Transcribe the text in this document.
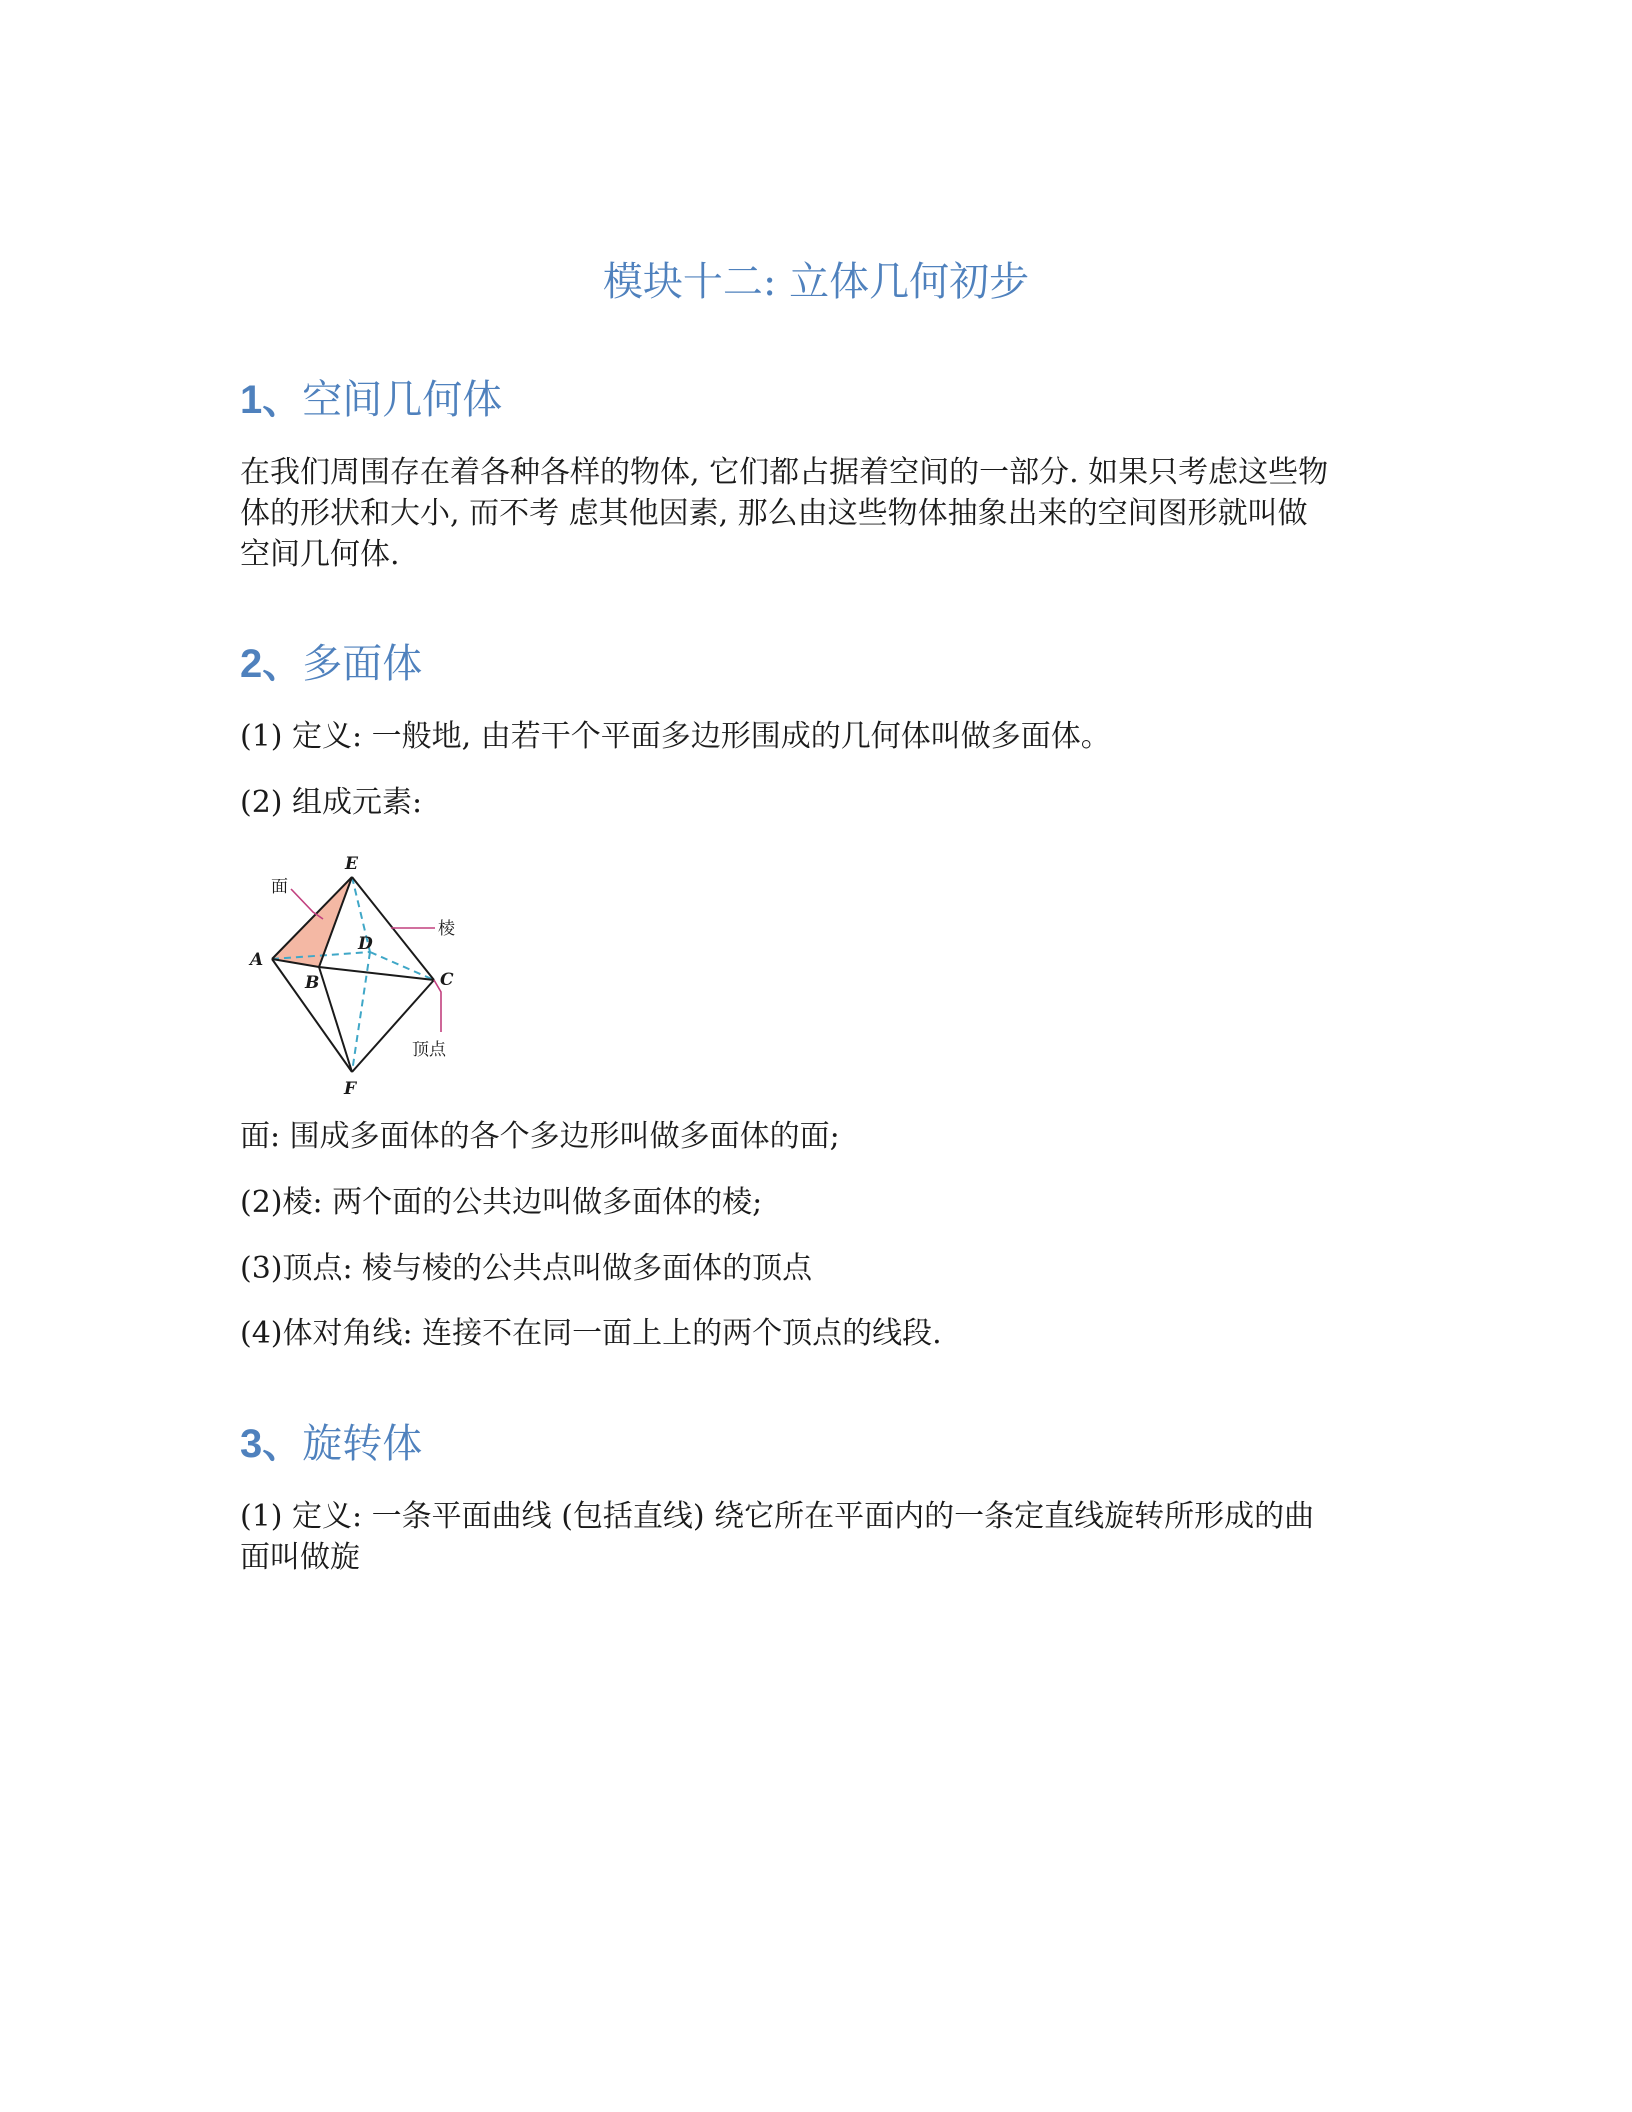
模块十二: 立体几何初步
1、空间几何体
在我们周围存在着各种各样的物体, 它们都占据着空间的一部分. 如果只考虑这些物
体的形状和大小, 而不考 虑其他因素, 那么由这些物体抽象出来的空间图形就叫做
空间几何体.
2、多面体
(1) 定义: 一般地, 由若干个平面多边形围成的几何体叫做多面体。
(2) 组成元素:
面
棱
顶点
E
A
D
B	C
F
面: 围成多面体的各个多边形叫做多面体的面;
(2)棱: 两个面的公共边叫做多面体的棱;
(3)顶点: 棱与棱的公共点叫做多面体的顶点
(4)体对角线: 连接不在同一面上上的两个顶点的线段.
3、旋转体
(1) 定义: 一条平面曲线 (包括直线) 绕它所在平面内的一条定直线旋转所形成的曲
面叫做旋
